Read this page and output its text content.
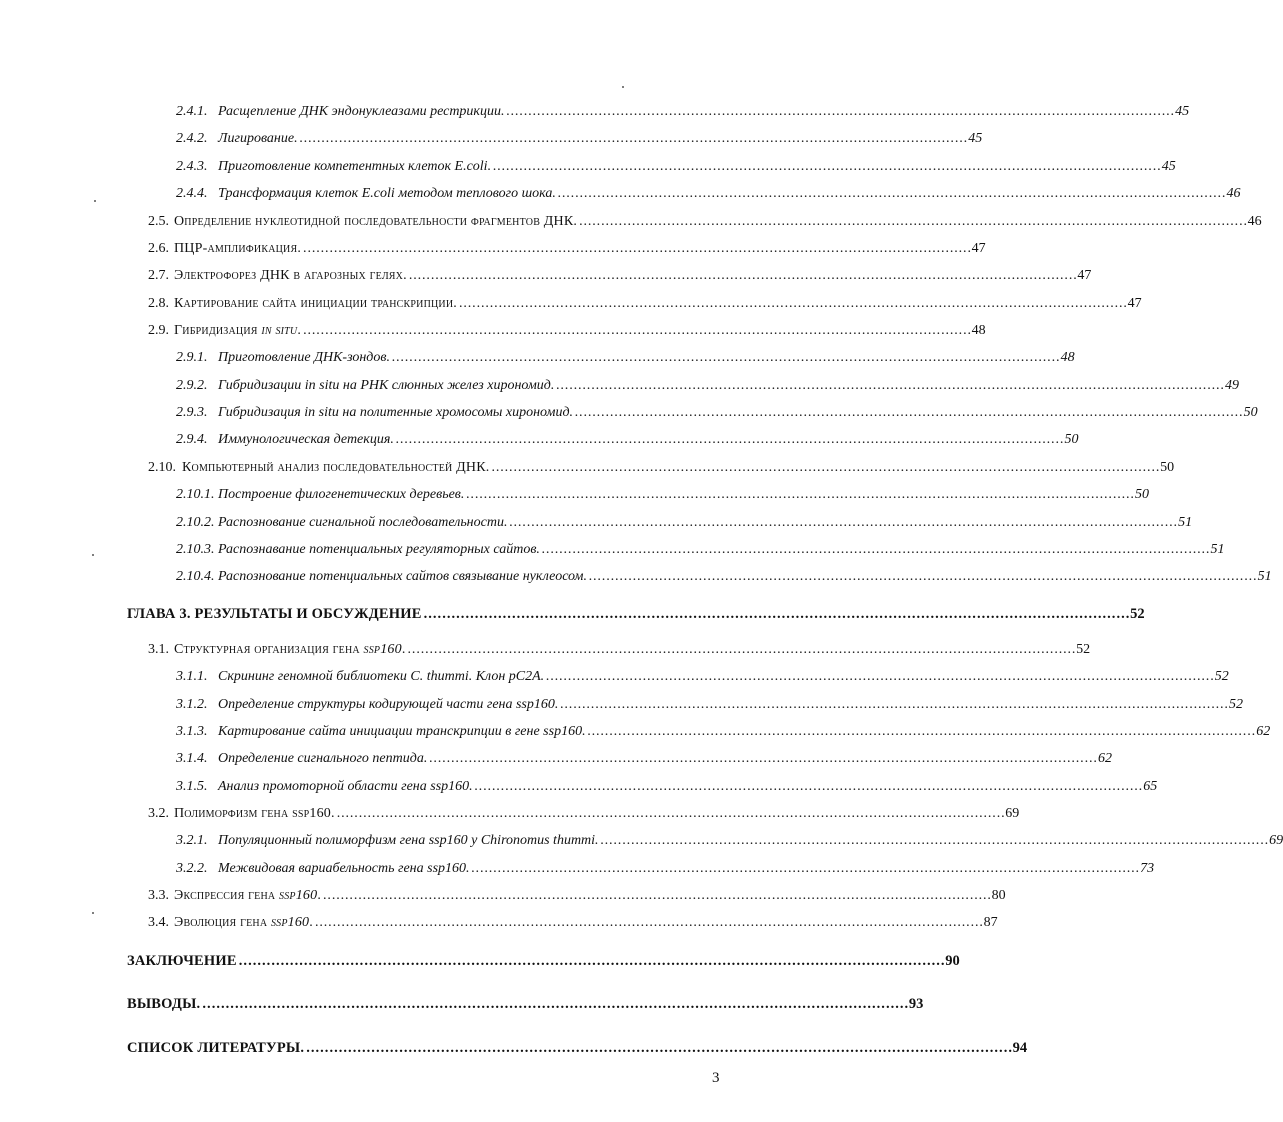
2.4.1. Расщепление ДНК эндонуклеазами рестрикции. . . .	45
2.4.2. Лигирование. . . .	45
2.4.3. Приготовление компетентных клеток E.coli. . . .	45
2.4.4. Трансформация клеток E.coli методом теплового шока. . . .	46
2.5. Определение нуклеотидной последовательности фрагментов ДНК. . . .	46
2.6. ПЦР-амплификация. . . .	47
2.7. Электрофорез ДНК в агарозных гелях. . . .	47
2.8. Картирование сайта инициации транскрипции. . . .	47
2.9. Гибридизация in situ. . . .	48
2.9.1. Приготовление ДНК-зондов. . . .	48
2.9.2. Гибридизации in situ на РНК слюнных желез хирономид. . . .	49
2.9.3. Гибридизация in situ на политенные хромосомы хирономид. . . .	50
2.9.4. Иммунологическая детекция. . . .	50
2.10. Компьютерный анализ последовательностей ДНК. . . .	50
2.10.1. Построение филогенетических деревьев. . . .	50
2.10.2. Распознование сигнальной последовательности. . . .	51
2.10.3. Распознавание потенциальных регуляторных сайтов. . . .	51
2.10.4. Распознование потенциальных сайтов связывание нуклеосом. . . .	51
ГЛАВА 3. РЕЗУЛЬТАТЫ И ОБСУЖДЕНИЕ . . .	52
3.1. Структурная организация гена ssp160. . . .	52
3.1.1. Скрининг геномной библиотеки C. thummi. Клон pC2A. . . .	52
3.1.2. Определение структуры кодирующей части гена ssp160. . . .	52
3.1.3. Картирование сайта инициации транскрипции в гене ssp160. . . .	62
3.1.4. Определение сигнального пептида. . . .	62
3.1.5. Анализ промоторной области гена ssp160. . . .	65
3.2. Полиморфизм гена ssp160. . . .	69
3.2.1. Популяционный полиморфизм гена ssp160 у Chironomus thummi. . . .	69
3.2.2. Межвидовая вариабельность гена ssp160. . . .	73
3.3. Экспрессия гена ssp160. . . .	80
3.4. Эволюция гена ssp160. . . .	87
ЗАКЛЮЧЕНИЕ . . .	90
ВЫВОДЫ. . . .	93
СПИСОК ЛИТЕРАТУРЫ. . . .	94
3
